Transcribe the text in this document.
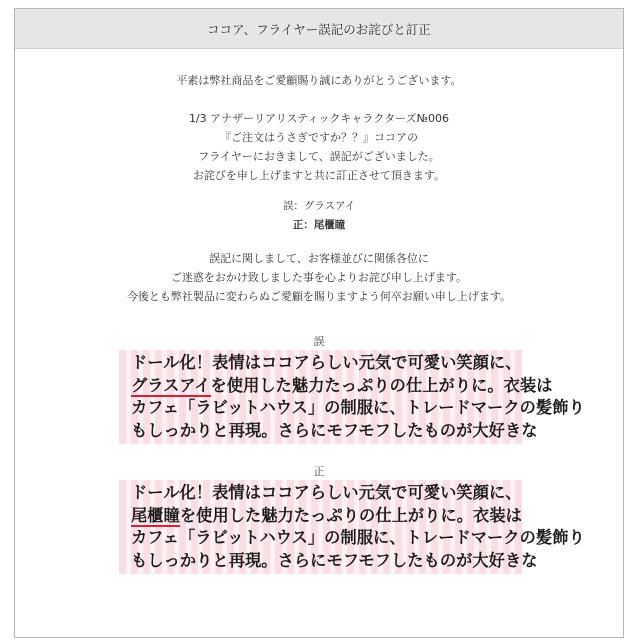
ココア、フライヤー誤記のお詫びと訂正
平素は弊社商品をご愛顧賜り誠にありがとうございます。
1/3 アナザーリアリスティックキャラクターズ№006
『ご注文はうさぎですか？？』ココアの
フライヤーにおきまして、誤記がございました。
お詫びを申し上げますと共に訂正させて頂きます。
誤：グラスアイ
正：尾櫃瞳
誤記に関しまして、お客様並びに関係各位に
ご迷惑をおかけ致しました事を心よりお詫び申し上げます。
今後とも弊社製品に変わらぬご愛顧を賜りますよう何卒お願い申し上げます。
誤
ドール化！表情はココアらしい元気で可愛い笑顔に、
グラスアイを使用した魅力たっぷりの仕上がりに。衣装は
カフェ「ラビットハウス」の制服に、トレードマークの髪飾り
もしっかりと再現。さらにモフモフしたものが大好きな
正
ドール化！表情はココアらしい元気で可愛い笑顔に、
尾櫃瞳を使用した魅力たっぷりの仕上がりに。衣装は
カフェ「ラビットハウス」の制服に、トレードマークの髪飾り
もしっかりと再現。さらにモフモフしたものが大好きな
